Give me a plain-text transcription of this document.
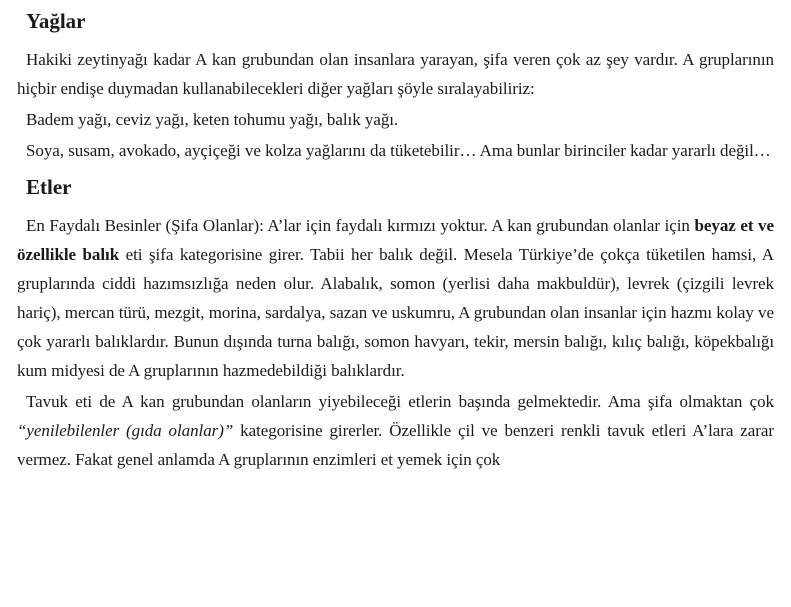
Yağlar

Hakiki zeytinyağı kadar A kan grubundan olan insanlara yarayan, şifa veren çok az şey vardır. A gruplarının hiçbir endişe duymadan kullanabilecekleri diğer yağları şöyle sıralayabiliriz:

Badem yağı, ceviz yağı, keten tohumu yağı, balık yağı.

Soya, susam, avokado, ayçiçeği ve kolza yağlarını da tüketebilir… Ama bunlar birinciler kadar yararlı değil…

Etler

En Faydalı Besinler (Şifa Olanlar): A’lar için faydalı kırmızı yoktur. A kan grubundan olanlar için beyaz et ve özellikle balık eti şifa kategorisine girer. Tabii her balık değil. Mesela Türkiye’de çokça tüketilen hamsi, A gruplarında ciddi hazımsızlığa neden olur. Alabalık, somon (yerlisi daha makbuldür), levrek (çizgili levrek hariç), mercan türü, mezgit, morina, sardalya, sazan ve uskumru, A grubundan olan insanlar için hazmı kolay ve çok yararlı balıklardır. Bunun dışında turna balığı, somon havyarı, tekir, mersin balığı, kılıç balığı, köpekbalığı kum midyesi de A gruplarının hazmedebildiği balıklardır.

Tavuk eti de A kan grubundan olanların yiyebileceği etlerin başında gelmektedir. Ama şifa olmaktan çok “yenilebilenler (gıda olanlar)” kategorisine girerler. Özellikle çil ve benzeri renkli tavuk etleri A’lara zarar vermez. Fakat genel anlamda A gruplarının enzimleri et yemek için çok
